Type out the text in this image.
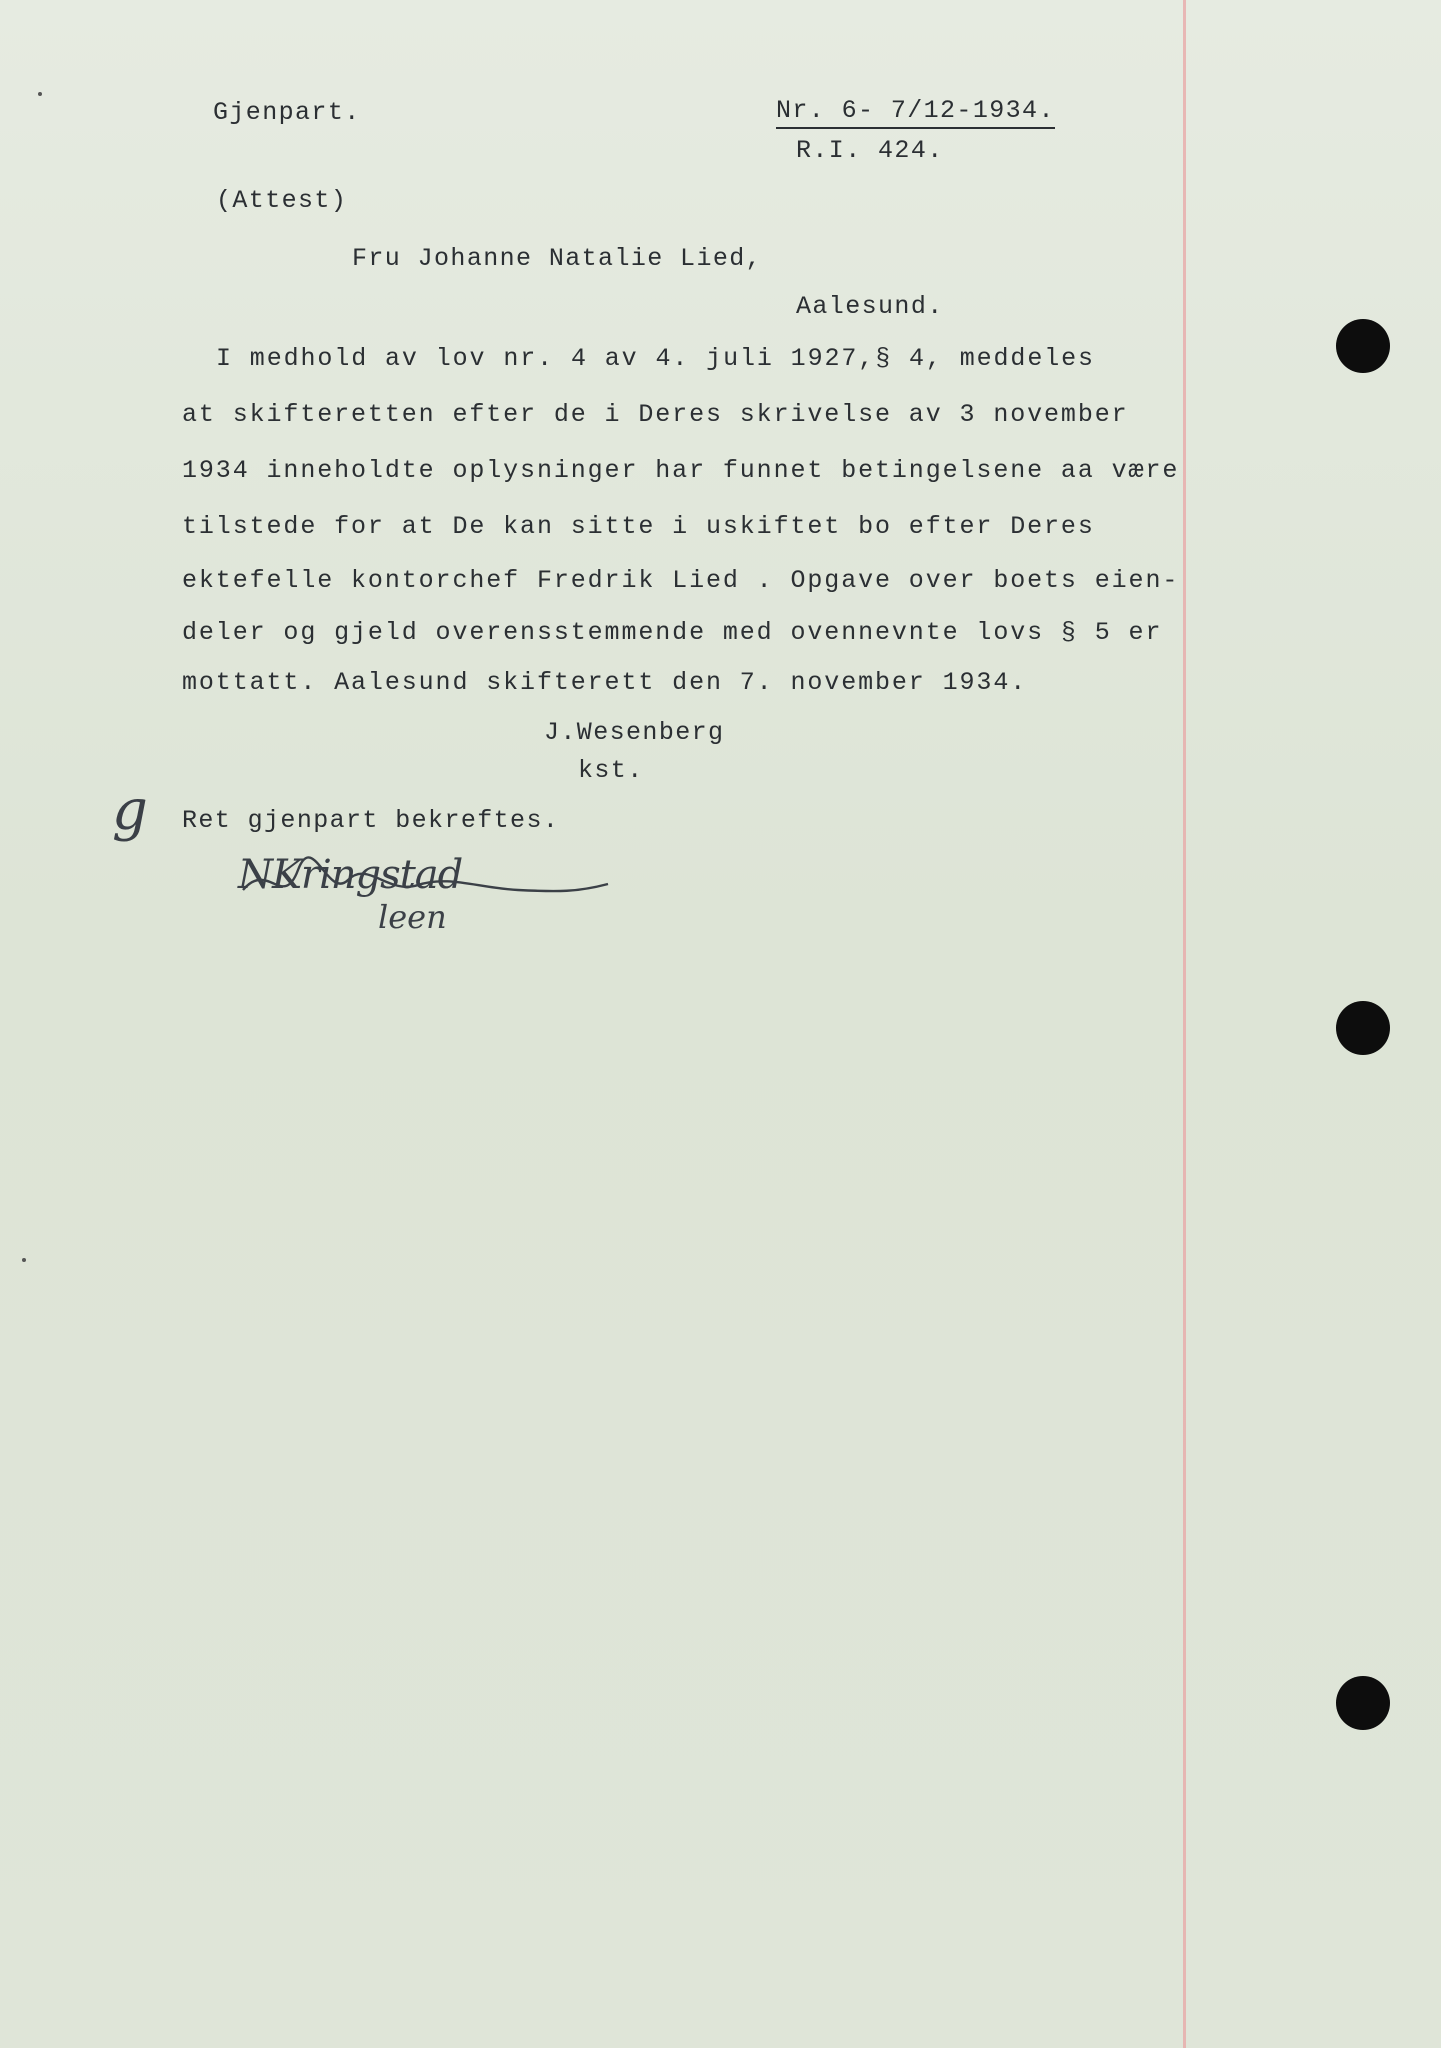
Gjenpart.	Nr. 6- 7/12-1934.
R.I. 424.
(Attest)
Fru Johanne Natalie Lied,
Aalesund.
I medhold av lov nr. 4 av 4. juli 1927,§ 4, meddeles
at skifteretten efter de i Deres skrivelse av 3 november
1934 inneholdte oplysninger har funnet betingelsene aa være
tilstede for at De kan sitte i uskiftet bo efter Deres
ektefelle kontorchef Fredrik Lied . Opgave over boets eien-
deler og gjeld overensstemmende med ovennevnte lovs § 5 er
mottatt. Aalesund skifterett den 7. november 1934.
J.Wesenberg
kst.
g Ret gjenpart bekreftes.
NKringstad
leen
